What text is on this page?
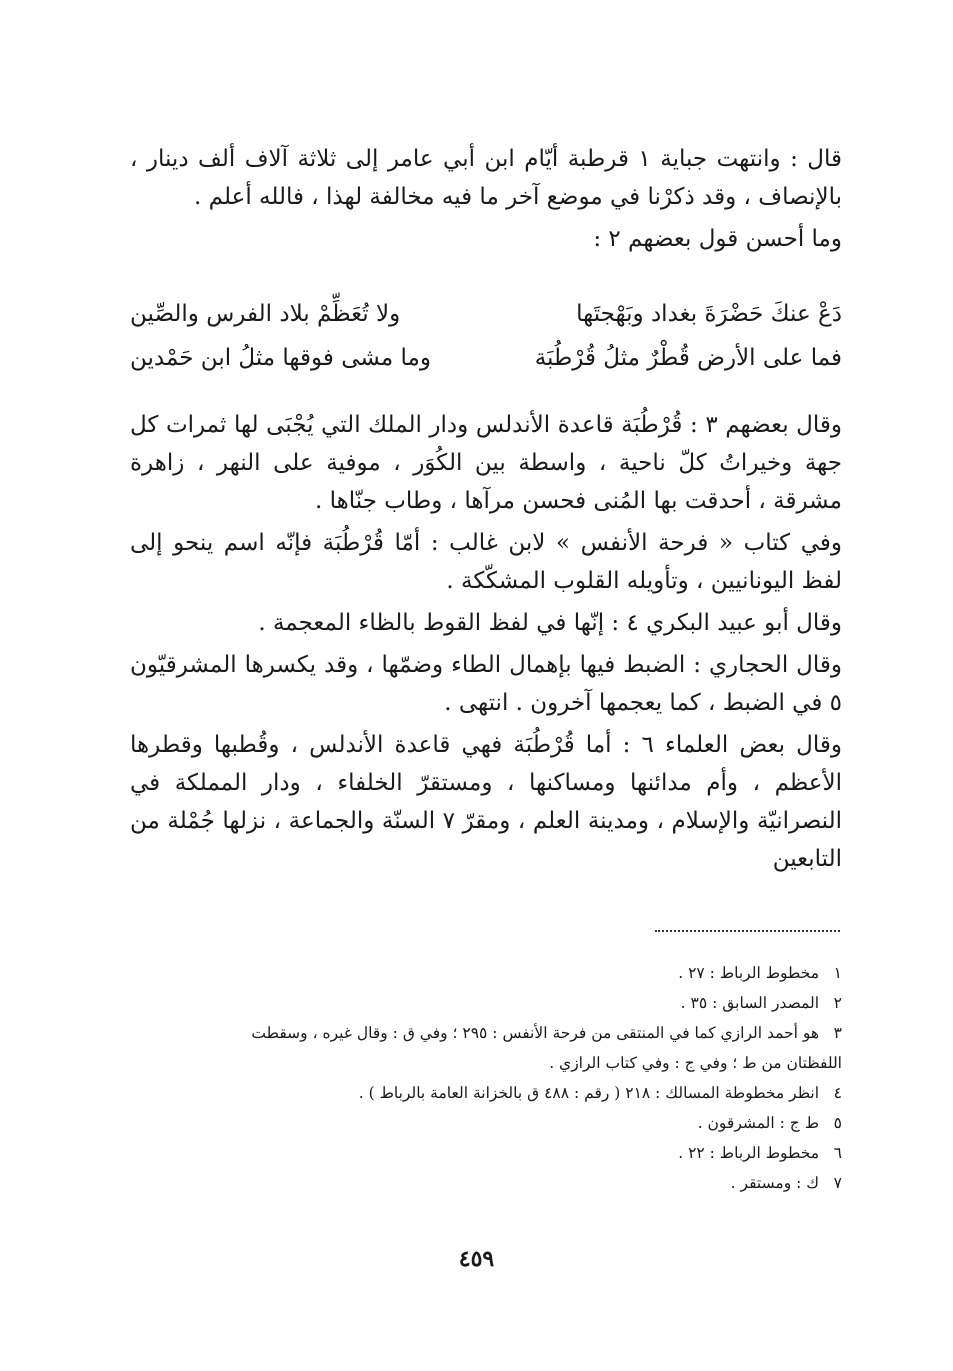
قال : وانتهت جباية ١ قرطبة أيّام ابن أبي عامر إلى ثلاثة آلاف ألف دينار ، بالإنصاف ، وقد ذكرْنا في موضع آخر ما فيه مخالفة لهذا ، فالله أعلم .

وما أحسن قول بعضهم ٢ :

دَعْ عنكَ حَضْرَةَ بغداد وبَهْجتَها
ولا تُعَظِّمْ بلاد الفرس والصِّين
فما على الأرض قُطْرٌ مثلُ قُرْطُبَة
وما مشى فوقها مثلُ ابن حَمْدين

وقال بعضهم ٣ : قُرْطُبَة قاعدة الأندلس ودار الملك التي يُجْبَى لها ثمرات كل جهة وخيراتُ كلّ ناحية ، واسطة بين الكُوَر ، موفية على النهر ، زاهرة مشرقة ، أحدقت بها المُنى فحسن مرآها ، وطاب جنّاها .

وفي كتاب « فرحة الأنفس » لابن غالب : أمّا قُرْطُبَة فإنّه اسم ينحو إلى لفظ اليونانيين ، وتأويله القلوب المشكّكة .

وقال أبو عبيد البكري ٤ : إنّها في لفظ القوط بالظاء المعجمة .

وقال الحجاري : الضبط فيها بإهمال الطاء وضمّها ، وقد يكسرها المشرقيّون ٥ في الضبط ، كما يعجمها آخرون . انتهى .

وقال بعض العلماء ٦ : أما قُرْطُبَة فهي قاعدة الأندلس ، وقُطبها وقطرها الأعظم ، وأم مدائنها ومساكنها ، ومستقرّ الخلفاء ، ودار المملكة في النصرانيّة والإسلام ، ومدينة العلم ، ومقرّ ٧ السنّة والجماعة ، نزلها جُمْلة من التابعين

١ مخطوط الرباط : ٢٧ .

٢ المصدر السابق : ٣٥ .

٣ هو أحمد الرازي كما في المنتقى من فرحة الأنفس : ٢٩٥ ؛ وفي ق : وقال غيره ، وسقطت

اللفظتان من ط ؛ وفي ج : وفي كتاب الرازي .

٤ انظر مخطوطة المسالك : ٢١٨ ( رقم : ٤٨٨ ق بالخزانة العامة بالرباط ) .

٥ ط ج : المشرقون .

٦ مخطوط الرباط : ٢٢ .

٧ ك : ومستقر .

٤٥٩
